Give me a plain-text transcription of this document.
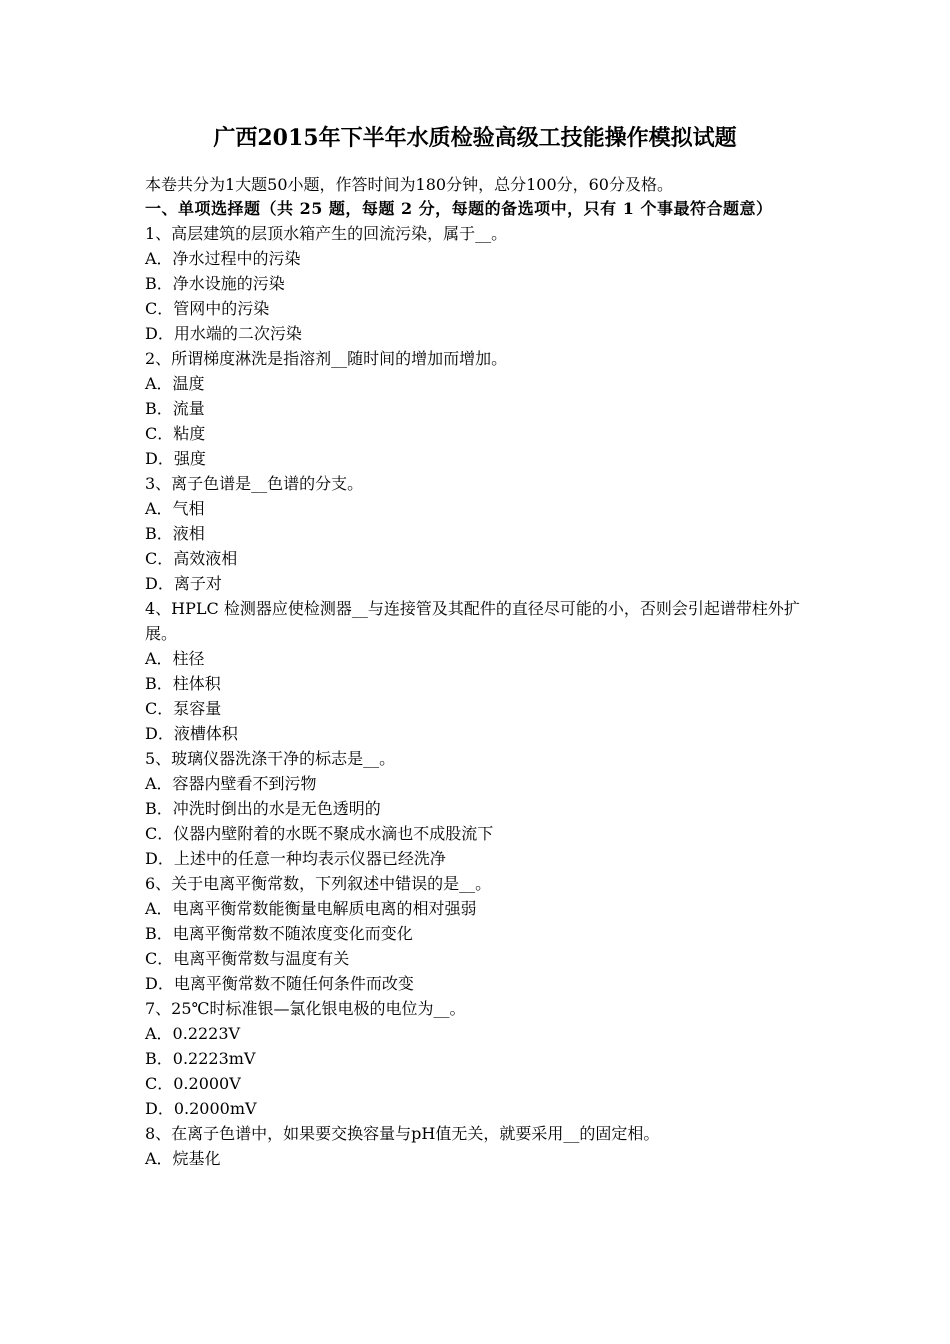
广西2015年下半年水质检验高级工技能操作模拟试题
本卷共分为1大题50小题，作答时间为180分钟，总分100分，60分及格。
一、单项选择题（共 25 题，每题 2 分，每题的备选项中，只有 1 个事最符合题意）
1、高层建筑的层顶水箱产生的回流污染，属于__。
A．净水过程中的污染
B．净水设施的污染
C．管网中的污染
D．用水端的二次污染
2、所谓梯度淋洗是指溶剂__随时间的增加而增加。
A．温度
B．流量
C．粘度
D．强度
3、离子色谱是__色谱的分支。
A．气相
B．液相
C．高效液相
D．离子对
4、HPLC 检测器应使检测器__与连接管及其配件的直径尽可能的小，否则会引起谱带柱外扩展。
A．柱径
B．柱体积
C．泵容量
D．液槽体积
5、玻璃仪器洗涤干净的标志是__。
A．容器内壁看不到污物
B．冲洗时倒出的水是无色透明的
C．仪器内壁附着的水既不聚成水滴也不成股流下
D．上述中的任意一种均表示仪器已经洗净
6、关于电离平衡常数，下列叙述中错误的是__。
A．电离平衡常数能衡量电解质电离的相对强弱
B．电离平衡常数不随浓度变化而变化
C．电离平衡常数与温度有关
D．电离平衡常数不随任何条件而改变
7、25℃时标准银—氯化银电极的电位为__。
A．0.2223V
B．0.2223mV
C．0.2000V
D．0.2000mV
8、在离子色谱中，如果要交换容量与pH值无关，就要采用__的固定相。
A．烷基化
